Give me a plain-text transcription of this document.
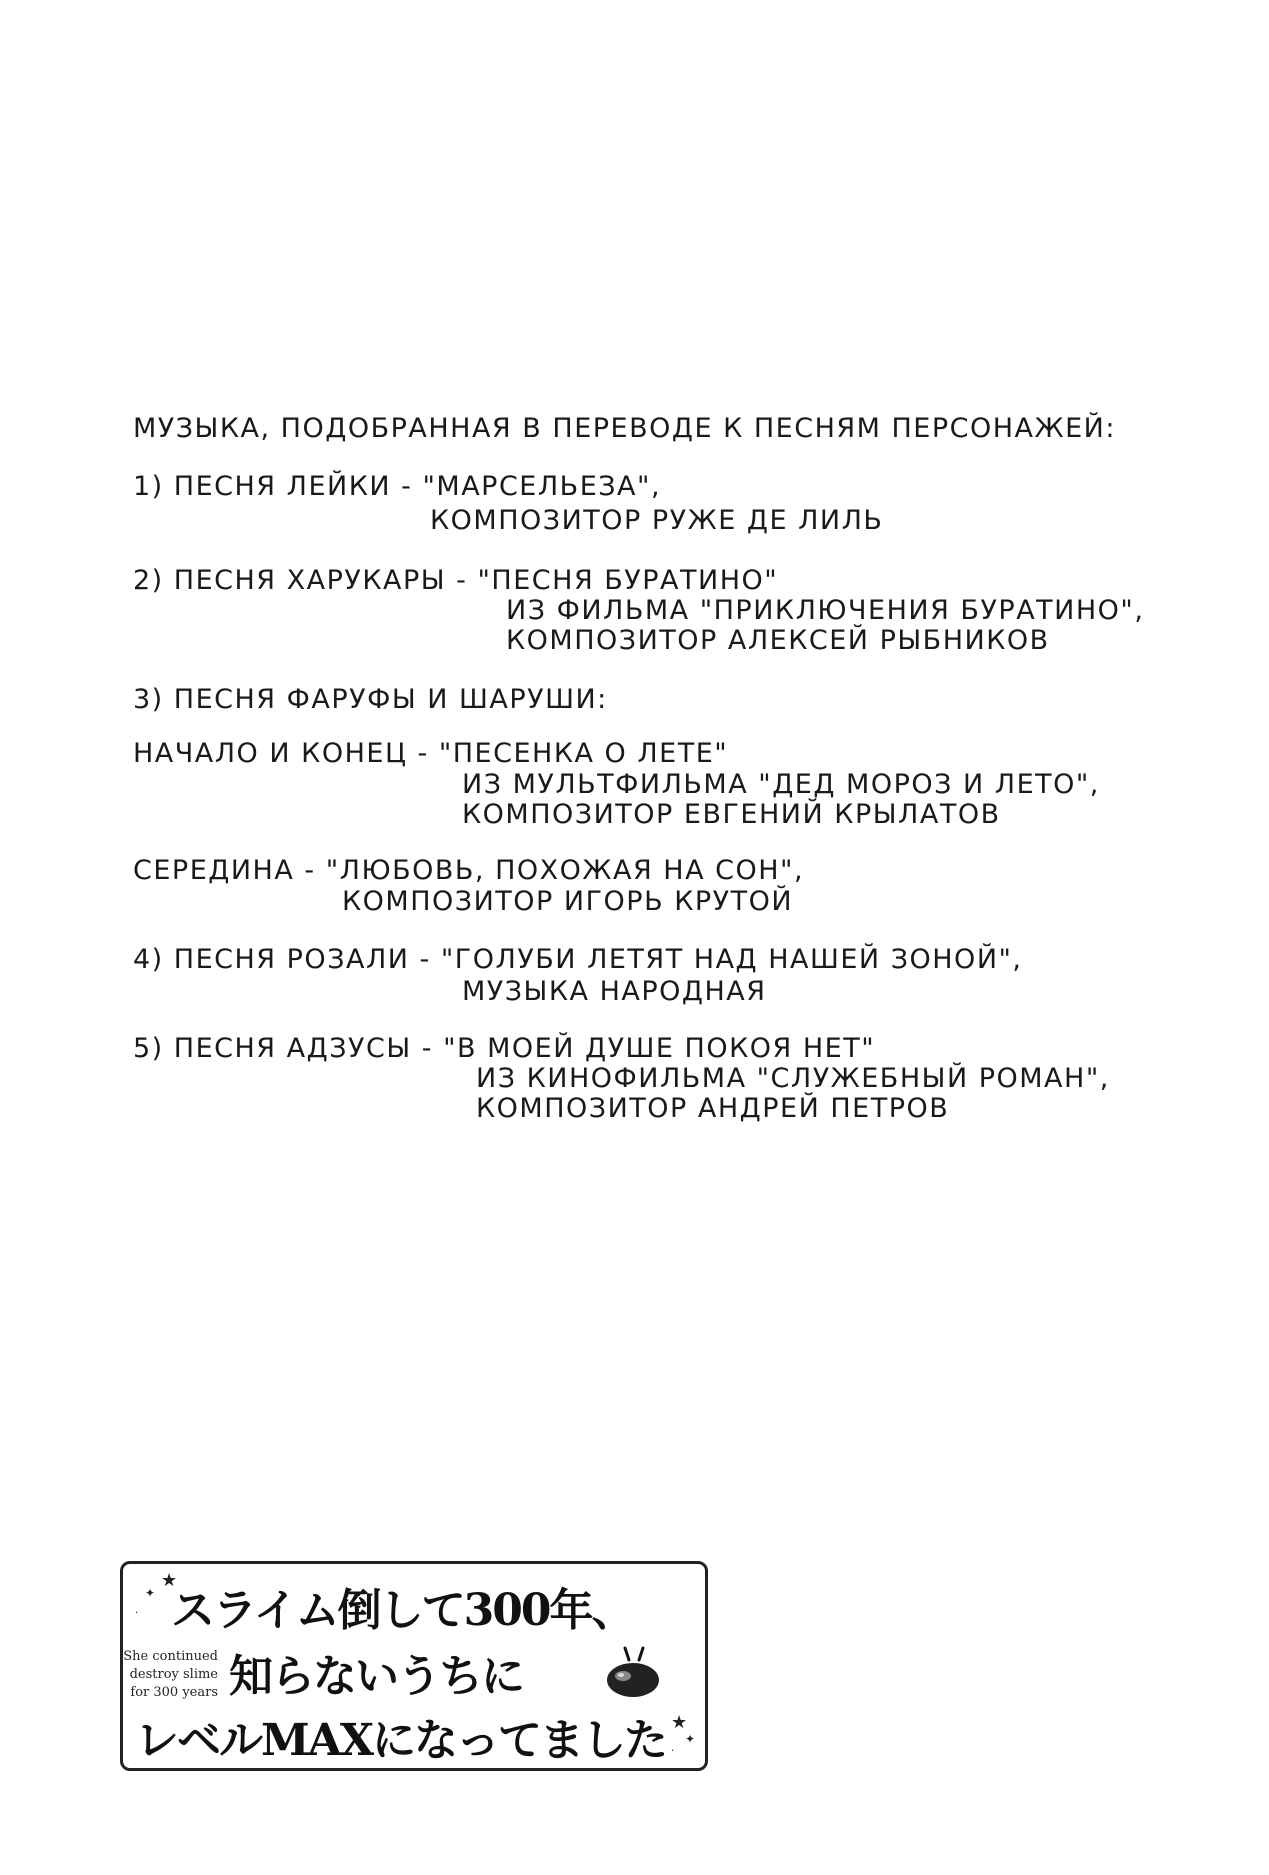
МУЗЫКА, ПОДОБРАННАЯ В ПЕРЕВОДЕ К ПЕСНЯМ ПЕРСОНАЖЕЙ:
1) ПЕСНЯ ЛЕЙКИ - "МАРСЕЛЬЕЗА",
КОМПОЗИТОР РУЖЕ ДЕ ЛИЛЬ
2) ПЕСНЯ ХАРУКАРЫ - "ПЕСНЯ БУРАТИНО"
ИЗ ФИЛЬМА "ПРИКЛЮЧЕНИЯ БУРАТИНО",
КОМПОЗИТОР АЛЕКСЕЙ РЫБНИКОВ
3) ПЕСНЯ ФАРУФЫ И ШАРУШИ:
НАЧАЛО И КОНЕЦ - "ПЕСЕНКА О ЛЕТЕ"
ИЗ МУЛЬТФИЛЬМА "ДЕД МОРОЗ И ЛЕТО",
КОМПОЗИТОР ЕВГЕНИЙ КРЫЛАТОВ
СЕРЕДИНА - "ЛЮБОВЬ, ПОХОЖАЯ НА СОН",
КОМПОЗИТОР ИГОРЬ КРУТОЙ
4) ПЕСНЯ РОЗАЛИ - "ГОЛУБИ ЛЕТЯТ НАД НАШЕЙ ЗОНОЙ",
МУЗЫКА НАРОДНАЯ
5) ПЕСНЯ АДЗУСЫ - "В МОЕЙ ДУШЕ ПОКОЯ НЕТ"
ИЗ КИНОФИЛЬМА "СЛУЖЕБНЫЙ РОМАН",
КОМПОЗИТОР АНДРЕЙ ПЕТРОВ
★
✦
· スライム倒して300年、
She continued
destroy slime
for 300 years 知らないうちに
レベルMAXになってました ★
✦
·
